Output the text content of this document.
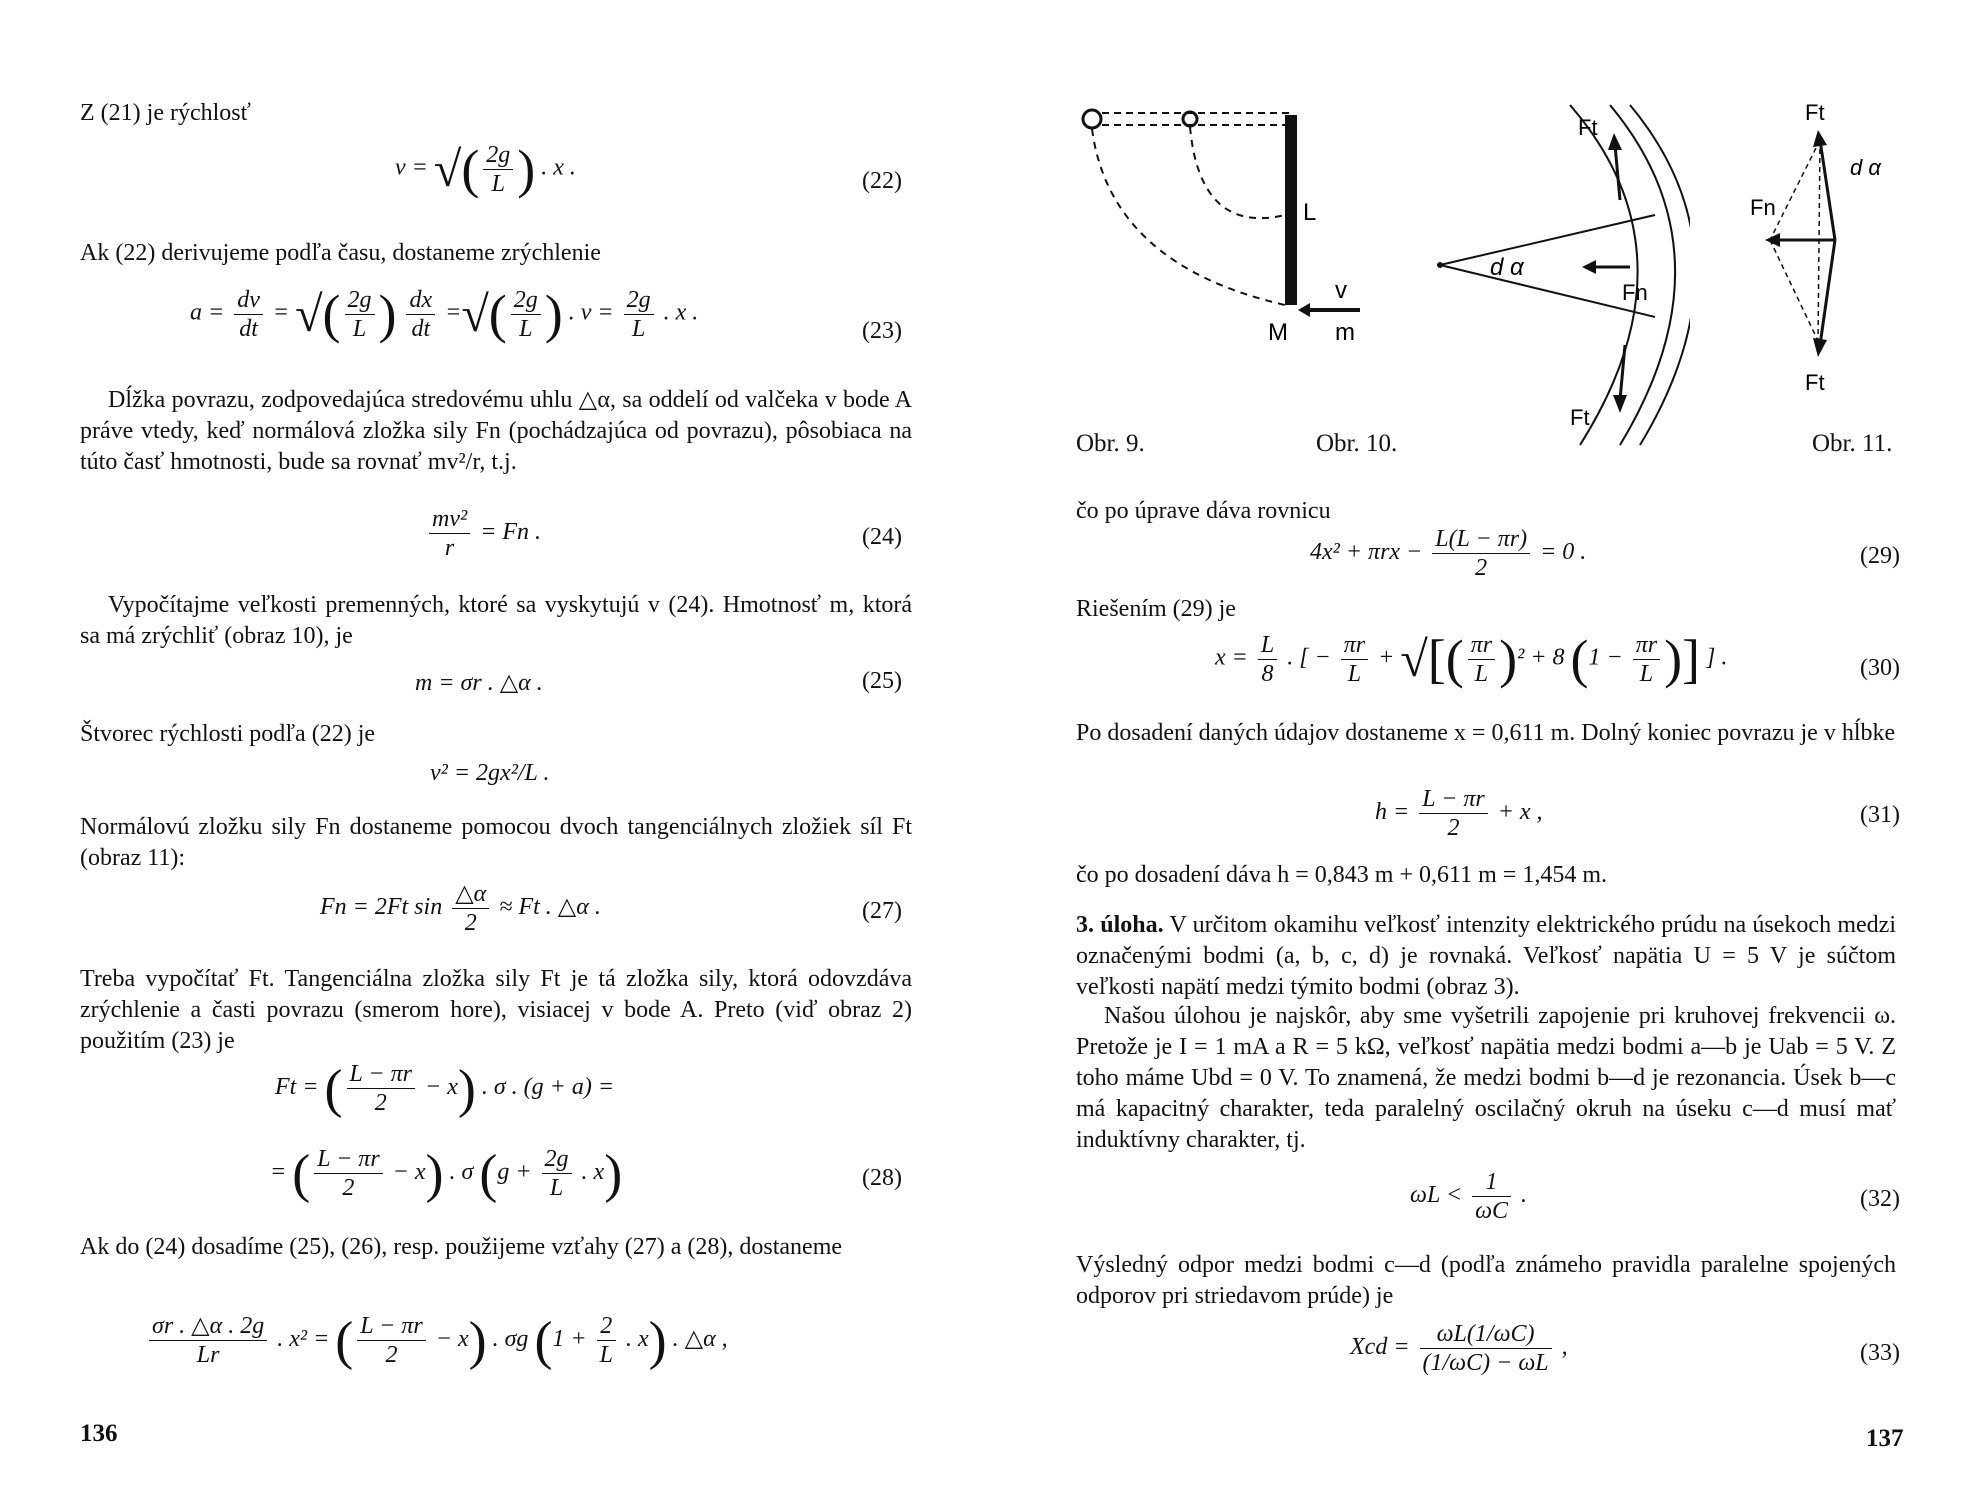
Z (21) je rýchlosť

v = √( $\frac{2g}{L}$ ) . x .
(22)

Ak (22) derivujeme podľa času, dostaneme zrýchlenie

$a = \frac{dv}{dt}$ = √( $\frac{2g}{L}$ ) $\frac{dx}{dt}$ =√( $\frac{2g}{L}$ ) . $v = \frac{2g}{L}$ . x .
(23)

Dĺžka povrazu, zodpovedajúca stredovému uhlu △α, sa oddelí od valčeka v bode A práve vtedy, keď normálová zložka sily Fn (pochádzajúca od povrazu), pôsobiaca na túto časť hmotnosti, bude sa rovnať mv²/r, t.j.

$\frac{\text{mv²}}{r} = Fn$ .	(24)

Vypočítajme veľkosti premenných, ktoré sa vyskytujú v (24). Hmotnosť m, ktorá sa má zrýchliť (obraz 10), je

m = σr . △α .	(25)

Štvorec rýchlosti podľa (22) je

v² = 2gx²/L .

Normálovú zložku sily Fn dostaneme pomocou dvoch tangenciálnych zložiek síl Ft (obraz 11):

Fn = 2Ft $\sin \frac{\triangle\alpha}{2} \approx Ft$ . △α .	(27)

Treba vypočítať Ft. Tangenciálna zložka sily Ft je tá zložka sily, ktorá odovzdáva zrýchlenie a časti povrazu (smerom hore), visiacej v bode A. Preto (viď obraz 2) použitím (23) je

Ft = ( $\frac{L - \pi r}{2} - x$) . σ . (g + a) =
= ( $\frac{L - \pi r}{2} - x$) . σ ($g + \frac{2g}{L}$ . x)	(28)

Ak do (24) dosadíme (25), (26), resp. použijeme vzťahy (27) a (28), dostaneme

$\frac{\sigma r . \triangle\alpha . 2g}{Lr}$ . x² = ( $\frac{L - \pi r}{2} - x$) . σg ($1 + \frac{2}{L}$ . x) . △α ,
136
L
M
v
m
d α
Ft
Fn
Ft
Ft
d α
Fn
Ft
Obr. 9.	Obr. 10.	Obr. 11.

čo po úprave dáva rovnicu

$4x^2 + \pi rx - \frac{L(L - \pi r)}{2} = 0$ .	(29)

Riešením (29) je

$x = \frac{L}{8}$ . [ − $\frac{\pi r}{L}$ + √[( $\frac{\pi r}{L} )^2 + 8$ ($1 - \frac{\pi r}{L}$ )] ] .	(30)

Po dosadení daných údajov dostaneme x = 0,611 m. Dolný koniec povrazu je v hĺbke

$h = \frac{L - \pi r}{2} + x$ ,	(31)

čo po dosadení dáva h = 0,843 m + 0,611 m = 1,454 m.

3. úloha. V určitom okamihu veľkosť intenzity elektrického prúdu na úsekoch medzi označenými bodmi (a, b, c, d) je rovnaká. Veľkosť napätia U = 5 V je súčtom veľkosti napätí medzi týmito bodmi (obraz 3).

Našou úlohou je najskôr, aby sme vyšetrili zapojenie pri kruhovej frekvencii ω. Pretože je I = 1 mA a R = 5 kΩ, veľkosť napätia medzi bodmi a—b je Uab = 5 V. Z toho máme Ubd = 0 V. To znamená, že medzi bodmi b—d je rezonancia. Úsek b—c má kapacitný charakter, teda paralelný oscilačný okruh na úseku c—d musí mať induktívny charakter, tj.

$\omega L < \frac{1}{\omega C}$ .	(32)

Výsledný odpor medzi bodmi c—d (podľa známeho pravidla paralelne spojených odporov pri striedavom prúde) je

Xcd = $\frac{\omega L(1/\omega C)}{(1/\omega C) - \omega L}$ ,	(33)
137
